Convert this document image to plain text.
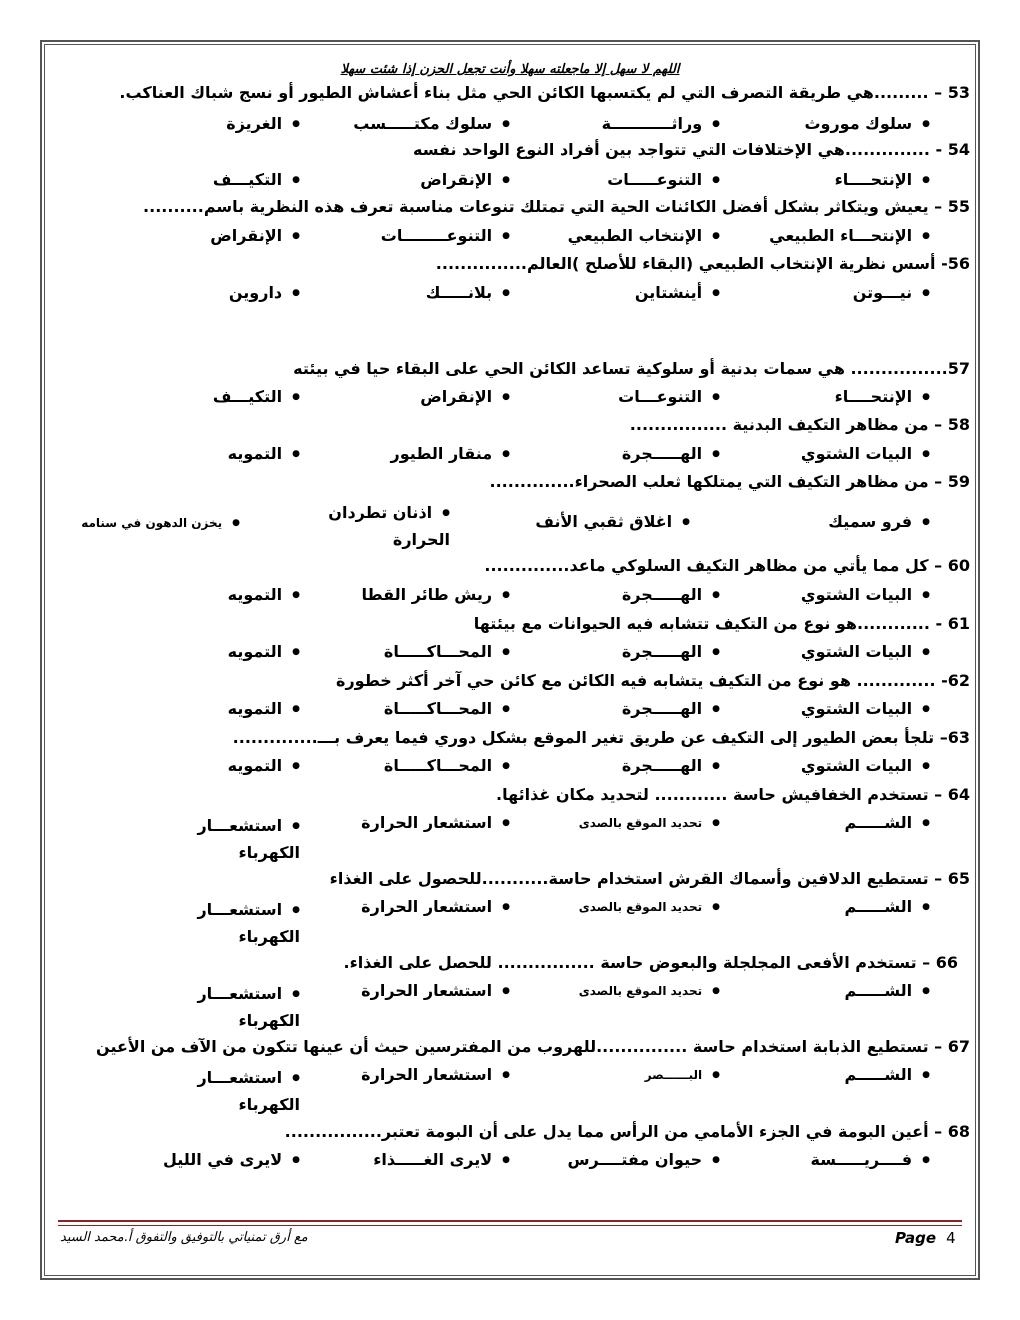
اللهم لا سهل إلا ماجعلته سهلا وأنت تجعل الحزن إذا شئت سهلا
53 – .........هي طريقة التصرف التي لم يكتسبها الكائن الحي مثل بناء أعشاش الطيور أو نسج شباك العناكب.
●سلوك موروث
●وراثـــــــــــة
●سلوك مكتـــــسب
●الغريزة
54 - ..............هي الإختلافات التي تتواجد بين أفراد النوع الواحد نفسه
●الإنتحــــاء
●التنوعـــــات
●الإنقراض
●التكيـــف
55 – يعيش ويتكاثر بشكل أفضل الكائنات الحية التي تمتلك تنوعات مناسبة تعرف هذه النظرية باسم..........
●الإنتحـــاء الطبيعي
●الإنتخاب الطبيعي
●التنوعــــــــات
●الإنقراض
56- أسس نظرية الإنتخاب الطبيعي (البقاء للأصلح )العالم...............
●نيـــوتن
●أينشتاين
●بلانـــــك
●داروين
57................ هي سمات بدنية أو سلوكية تساعد الكائن الحي على البقاء حيا في بيئته
●الإنتحــــاء
●التنوعـــات
●الإنقراض
●التكيـــف
58 – من مظاهر التكيف البدنية ................
●البيات الشتوي
●الهـــــجرة
●منقار الطيور
●التمويه
59 – من مظاهر التكيف التي يمتلكها ثعلب الصحراء..............
●فرو سميك
●اغلاق ثقبي الأنف
●اذنان تطردان الحرارة
●يخزن الدهون في سنامه
60 – كل مما يأتي من مظاهر التكيف السلوكي ماعد..............
●البيات الشتوي
●الهـــــجرة
●ريش طائر القطا
●التمويه
61 - ............هو نوع من التكيف تتشابه فيه الحيوانات مع بيئتها
●البيات الشتوي
●الهـــــجرة
●المحـــاكـــــاة
●التمويه
62- ............. هو نوع من التكيف يتشابه فيه الكائن مع كائن حي آخر أكثر خطورة
●البيات الشتوي
●الهـــــجرة
●المحـــاكـــــاة
●التمويه
63– تلجأ بعض الطيور إلى التكيف عن طريق تغير الموقع بشكل دوري فيما يعرف بـــ..............
●البيات الشتوي
●الهـــــجرة
●المحـــاكـــــاة
●التمويه
64 – تستخدم الخفافيش حاسة ............ لتحديد مكان غذائها.
●الشـــــم
●تحديد الموقع بالصدى
●استشعار الحرارة
●استشعـــار الكهرباء
65 – تستطيع الدلافين وأسماك القرش استخدام حاسة...........للحصول على الغذاء
●الشـــــم
●تحديد الموقع بالصدى
●استشعار الحرارة
●استشعـــار الكهرباء
66 – تستخدم الأفعى المجلجلة والبعوض حاسة ................ للحصل على الغذاء.
●الشـــــم
●تحديد الموقع بالصدى
●استشعار الحرارة
●استشعـــار الكهرباء
67 – تستطيع الذبابة استخدام حاسة ...............للهروب من المفترسين حيث أن عينها تتكون من الآف من الأعين
●الشـــــم
●البــــــصر
●استشعار الحرارة
●استشعـــار الكهرباء
68 – أعين البومة في الجزء الأمامي من الرأس مما يدل على أن البومة تعتبر................
●فــــريـــــسة
●حيوان مفتــــرس
●لايرى الغـــــذاء
●لايرى في الليل
مع أرق تمنياتي بالتوفيق والتفوق أ.محمد السيد	Page 4
